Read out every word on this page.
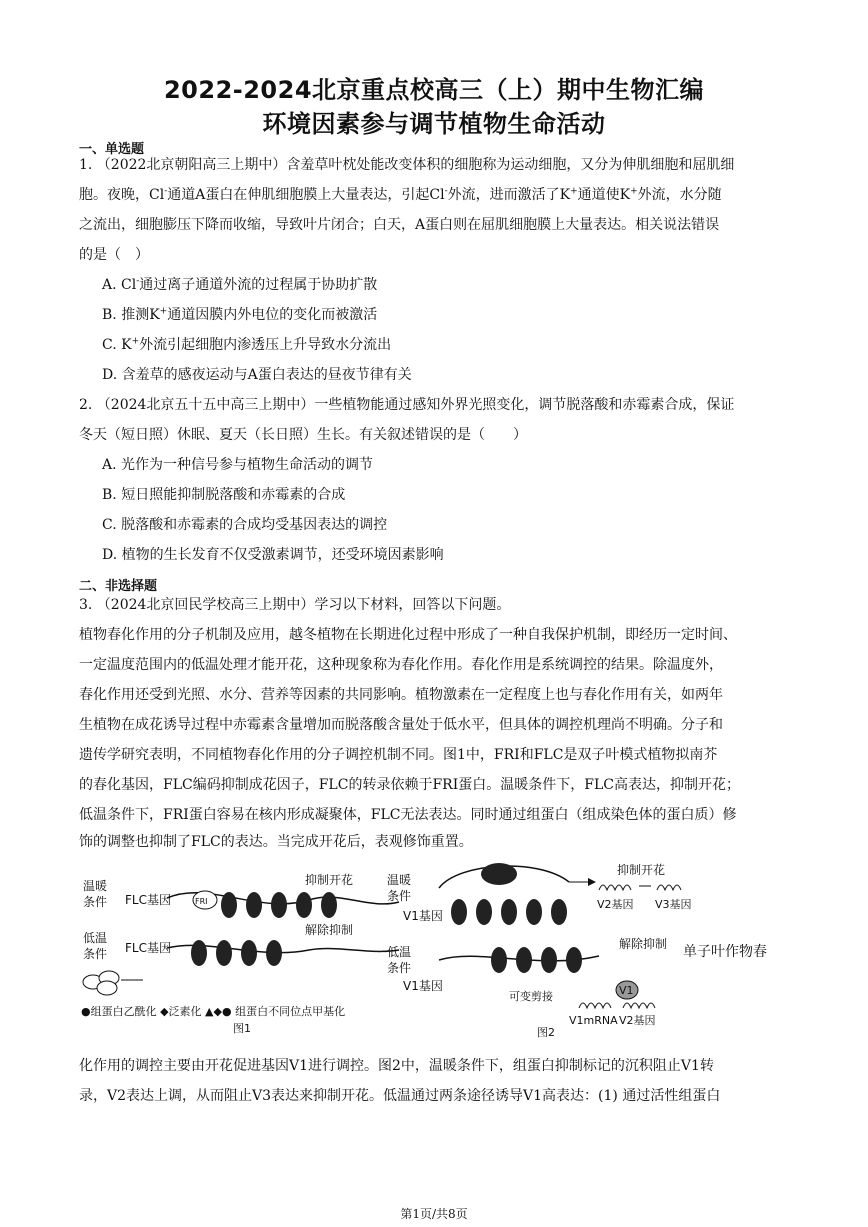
2022-2024北京重点校高三（上）期中生物汇编
环境因素参与调节植物生命活动
一、单选题
1. （2022北京朝阳高三上期中）含羞草叶枕处能改变体积的细胞称为运动细胞，又分为伸肌细胞和屈肌细
胞。夜晚，Cl-通道A蛋白在伸肌细胞膜上大量表达，引起Cl-外流，进而激活了K+通道使K+外流，水分随
之流出，细胞膨压下降而收缩，导致叶片闭合；白天，A蛋白则在屈肌细胞膜上大量表达。相关说法错误
的是（　）
A. Cl-通过离子通道外流的过程属于协助扩散
B. 推测K+通道因膜内外电位的变化而被激活
C. K+外流引起细胞内渗透压上升导致水分流出
D. 含羞草的感夜运动与A蛋白表达的昼夜节律有关
2. （2024北京五十五中高三上期中）一些植物能通过感知外界光照变化，调节脱落酸和赤霉素合成，保证
冬天（短日照）休眠、夏天（长日照）生长。有关叙述错误的是（　　）
A. 光作为一种信号参与植物生命活动的调节
B. 短日照能抑制脱落酸和赤霉素的合成
C. 脱落酸和赤霉素的合成均受基因表达的调控
D. 植物的生长发育不仅受激素调节，还受环境因素影响
二、非选择题
3. （2024北京回民学校高三上期中）学习以下材料，回答以下问题。
植物春化作用的分子机制及应用，越冬植物在长期进化过程中形成了一种自我保护机制，即经历一定时间、
一定温度范围内的低温处理才能开花，这种现象称为春化作用。春化作用是系统调控的结果。除温度外，
春化作用还受到光照、水分、营养等因素的共同影响。植物激素在一定程度上也与春化作用有关，如两年
生植物在成花诱导过程中赤霉素含量增加而脱落酸含量处于低水平，但具体的调控机理尚不明确。分子和
遗传学研究表明，不同植物春化作用的分子调控机制不同。图1中，FRI和FLC是双子叶模式植物拟南芥
的春化基因，FLC编码抑制成花因子，FLC的转录依赖于FRI蛋白。温暖条件下，FLC高表达，抑制开花；
低温条件下，FRI蛋白容易在核内形成凝聚体，FLC无法表达。同时通过组蛋白（组成染色体的蛋白质）修
饰的调整也抑制了FLC的表达。当完成开花后，表观修饰重置。
温暖
条件 FLC基因	FRI
抑制开花
低温
条件 FLC基因
解除抑制
●组蛋白乙酰化 ◆泛素化 ▲◆● 组蛋白不同位点甲基化
图1
温暖
条件
V2基因 V3基因
抑制开花
V1基因
低温
条件
解除抑制
V1基因
可变剪接
V1mRNA
V1
V2基因
单子叶作物春
图2
化作用的调控主要由开花促进基因V1进行调控。图2中，温暖条件下，组蛋白抑制标记的沉积阻止V1转
录，V2表达上调，从而阻止V3表达来抑制开花。低温通过两条途径诱导V1高表达：(1) 通过活性组蛋白
第1页/共8页
